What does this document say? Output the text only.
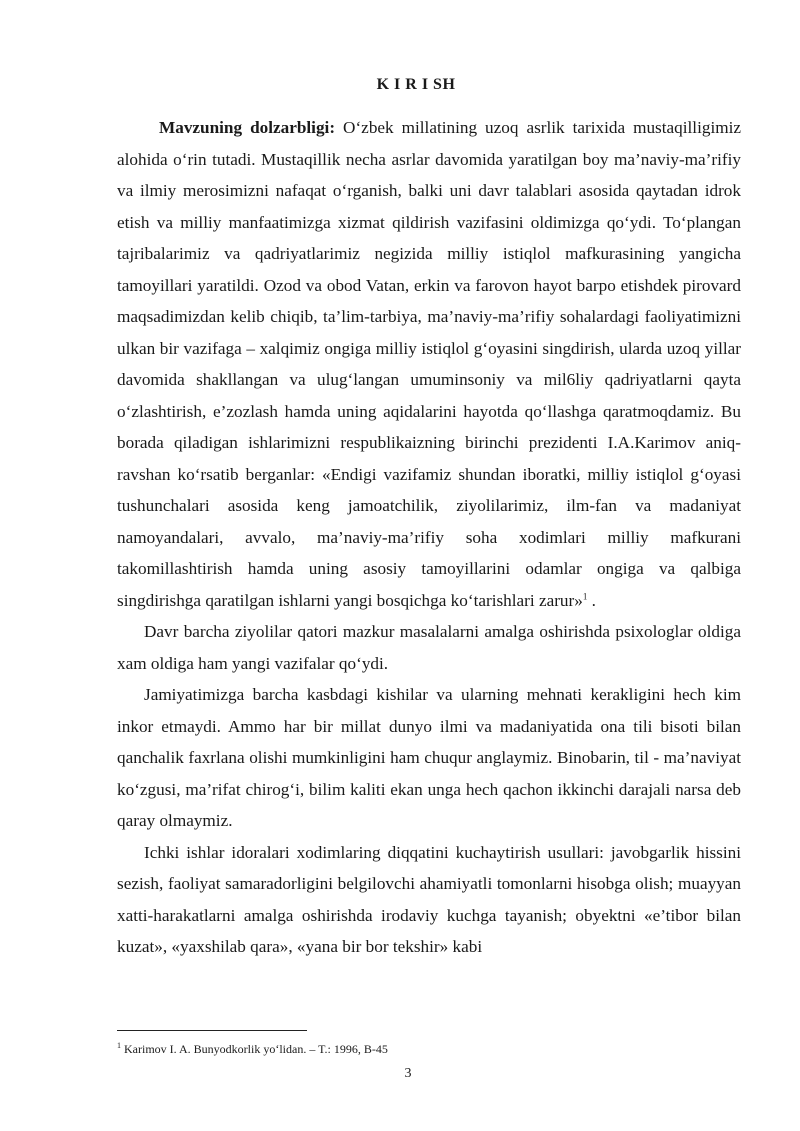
K I R I SH

Mavzuning dolzarbligi: O‘zbek millatining uzoq asrlik tarixida mustaqilligimiz alohida o‘rin tutadi. Mustaqillik necha asrlar davomida yaratilgan boy ma’naviy-ma’rifiy va ilmiy merosimizni nafaqat o‘rganish, balki uni davr talablari asosida qaytadan idrok etish va milliy manfaatimizga xizmat qildirish vazifasini oldimizga qo‘ydi. To‘plangan tajribalarimiz va qadriyatlarimiz negizida milliy istiqlol mafkurasining yangicha tamoyillari yaratildi. Ozod va obod Vatan, erkin va farovon hayot barpo etishdek pirovard maqsadimizdan kelib chiqib, ta’lim-tarbiya, ma’naviy-ma’rifiy sohalardagi faoliyatimizni ulkan bir vazifaga – xalqimiz ongiga milliy istiqlol g‘oyasini singdirish, ularda uzoq yillar davomida shakllangan va ulug‘langan umuminsoniy va mil6liy qadriyatlarni qayta o‘zlashtirish, e’zozlash hamda uning aqidalarini hayotda qo‘llashga qaratmoqdamiz. Bu borada qiladigan ishlarimizni respublikaizning birinchi prezidenti I.A.Karimov aniq-ravshan ko‘rsatib berganlar: «Endigi vazifamiz shundan iboratki, milliy istiqlol g‘oyasi tushunchalari asosida keng jamoatchilik, ziyolilarimiz, ilm-fan va madaniyat namoyandalari, avvalo, ma’naviy-ma’rifiy soha xodimlari milliy mafkurani takomillashtirish hamda uning asosiy tamoyillarini odamlar ongiga va qalbiga singdirishga qaratilgan ishlarni yangi bosqichga ko‘tarishlari zarur»$^1$ .

Davr barcha ziyolilar qatori mazkur masalalarni amalga oshirishda psixologlar oldiga xam oldiga ham yangi vazifalar qo‘ydi.

Jamiyatimizga barcha kasbdagi kishilar va ularning mehnati kerakligini hech kim inkor etmaydi. Ammo har bir millat dunyo ilmi va madaniyatida ona tili bisoti bilan qanchalik faxrlana olishi mumkinligini ham chuqur anglaymiz. Binobarin, til - ma’naviyat ko‘zgusi, ma’rifat chirog‘i, bilim kaliti ekan unga hech qachon ikkinchi darajali narsa deb qaray olmaymiz.

Ichki ishlar idoralari xodimlaring diqqatini kuchaytirish usullari: javobgarlik hissini sezish, faoliyat samaradorligini belgilovchi ahamiyatli tomonlarni hisobga olish; muayyan xatti-harakatlarni amalga oshirishda irodaviy kuchga tayanish; obyektni «e’tibor bilan kuzat», «yaxshilab qara», «yana bir bor tekshir» kabi

$^1$ Karimov I. A. Bunyodkorlik yo‘lidan. – T.: 1996, B-45
3
